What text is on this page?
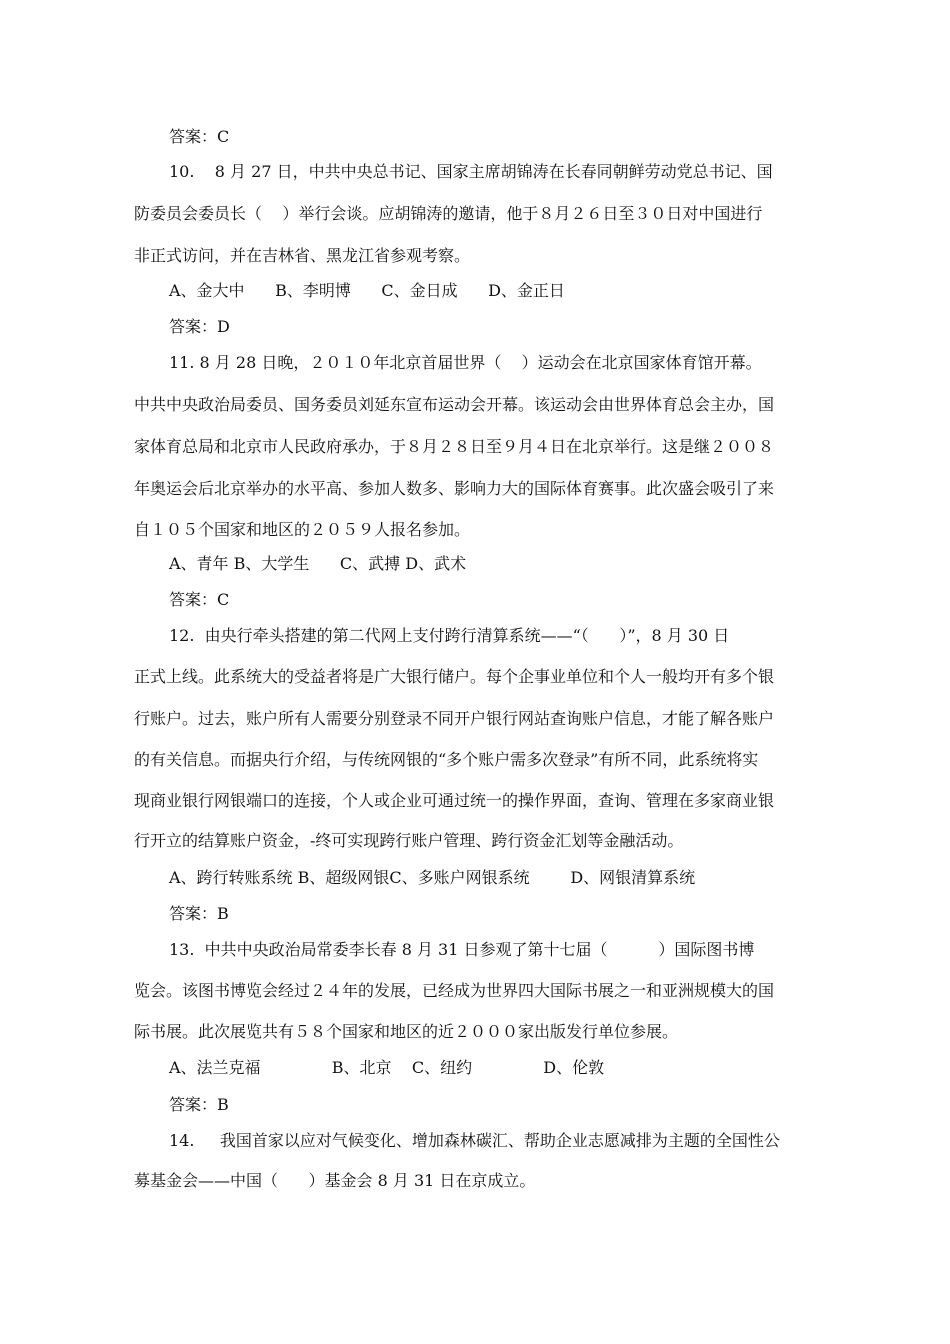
答案：C
10.    8 月 27 日，中共中央总书记、国家主席胡锦涛在长春同朝鲜劳动党总书记、国
防委员会委员长（    ）举行会谈。应胡锦涛的邀请，他于８月２６日至３０日对中国进行
非正式访问，并在吉林省、黑龙江省参观考察。
A、金大中      B、李明博      C、金日成      D、金正日
答案：D
11. 8 月 28 日晚，２０１０年北京首届世界（    ）运动会在北京国家体育馆开幕。
中共中央政治局委员、国务委员刘延东宣布运动会开幕。该运动会由世界体育总会主办，国
家体育总局和北京市人民政府承办，于８月２８日至９月４日在北京举行。这是继２００８
年奥运会后北京举办的水平高、参加人数多、影响力大的国际体育赛事。此次盛会吸引了来
自１０５个国家和地区的２０５９人报名参加。
A、青年 B、大学生      C、武搏 D、武术
答案：C
12.  由央行牵头搭建的第二代网上支付跨行清算系统——“（      ）”，8 月 30 日
正式上线。此系统大的受益者将是广大银行储户。每个企事业单位和个人一般均开有多个银
行账户。过去，账户所有人需要分别登录不同开户银行网站查询账户信息，才能了解各账户
的有关信息。而据央行介绍，与传统网银的“多个账户需多次登录”有所不同，此系统将实
现商业银行网银端口的连接，个人或企业可通过统一的操作界面，查询、管理在多家商业银
行开立的结算账户资金，-终可实现跨行账户管理、跨行资金汇划等金融活动。
A、跨行转账系统 B、超级网银C、多账户网银系统        D、网银清算系统
答案：B
13.  中共中央政治局常委李长春 8 月 31 日参观了第十七届（          ）国际图书博
览会。该图书博览会经过２４年的发展，已经成为世界四大国际书展之一和亚洲规模大的国
际书展。此次展览共有５８个国家和地区的近２０００家出版发行单位参展。
A、法兰克福              B、北京    C、纽约              D、伦敦
答案：B
14.     我国首家以应对气候变化、增加森林碳汇、帮助企业志愿减排为主题的全国性公
募基金会——中国（      ）基金会 8 月 31 日在京成立。
